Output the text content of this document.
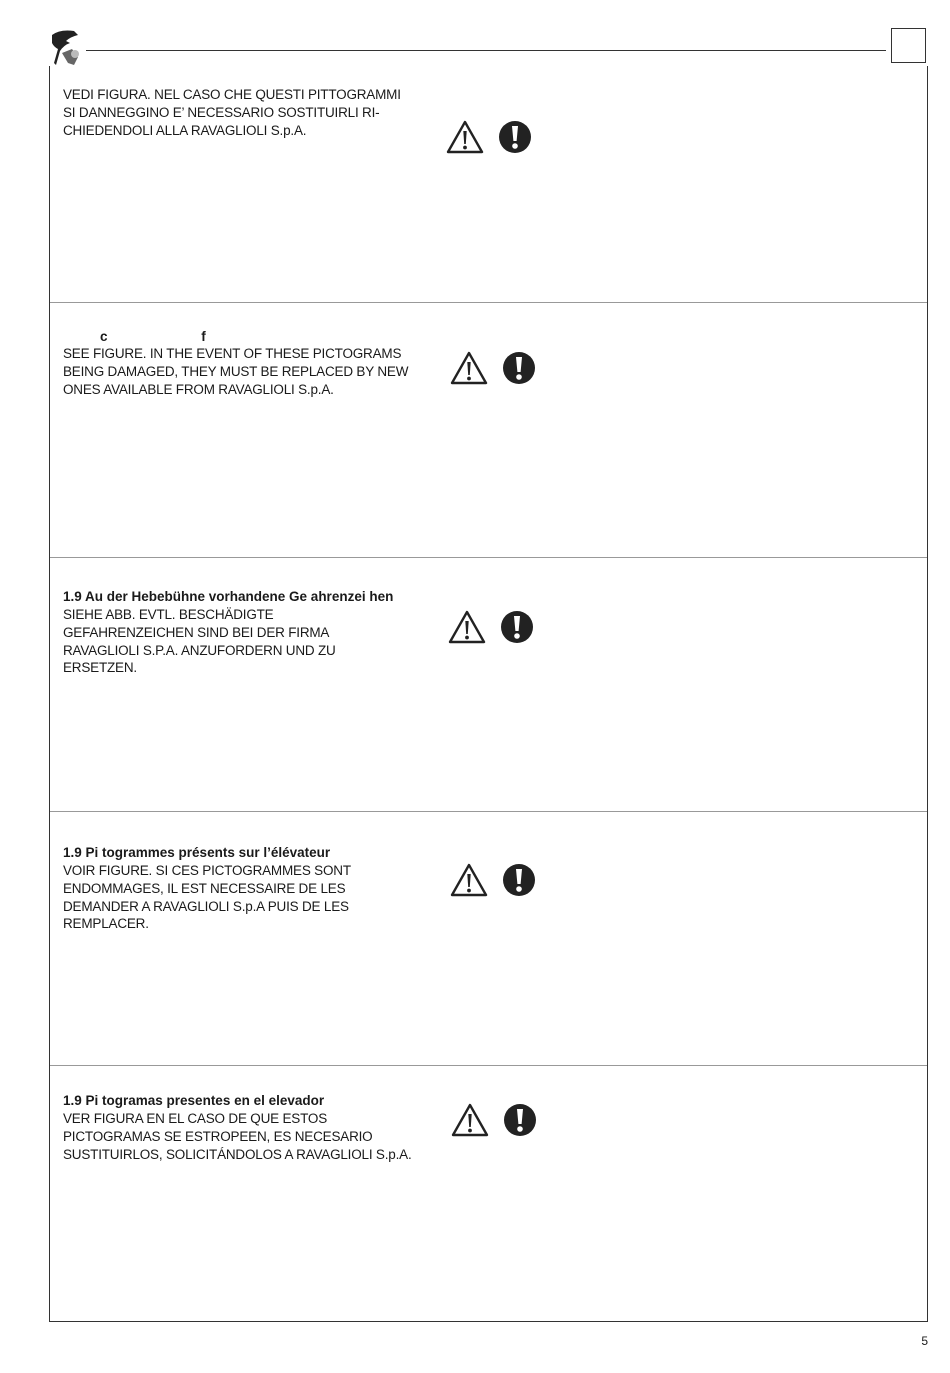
VEDI FIGURA. NEL CASO CHE QUESTI PITTOGRAMMI
SI DANNEGGINO E’ NECESSARIO SOSTITUIRLI RI-
CHIEDENDOLI ALLA RAVAGLIOLI S.p.A.
c f
SEE FIGURE. IN THE EVENT OF THESE PICTOGRAMS
BEING DAMAGED, THEY MUST BE REPLACED BY NEW
ONES AVAILABLE FROM RAVAGLIOLI S.p.A.
1.9 Au der Hebebühne vorhandene Ge ahrenzei hen
SIEHE ABB. EVTL. BESCHÄDIGTE
GEFAHRENZEICHEN SIND BEI DER FIRMA
RAVAGLIOLI S.P.A. ANZUFORDERN UND ZU
ERSETZEN.
1.9 Pi togrammes présents sur l’élévateur
VOIR FIGURE. SI CES PICTOGRAMMES SONT
ENDOMMAGES, IL EST NECESSAIRE DE LES
DEMANDER A RAVAGLIOLI S.p.A PUIS DE LES
REMPLACER.
1.9 Pi togramas presentes en el elevador
VER FIGURA EN EL CASO DE QUE ESTOS
PICTOGRAMAS SE ESTROPEEN, ES NECESARIO
SUSTITUIRLOS, SOLICITÁNDOLOS A RAVAGLIOLI S.p.A.
5
